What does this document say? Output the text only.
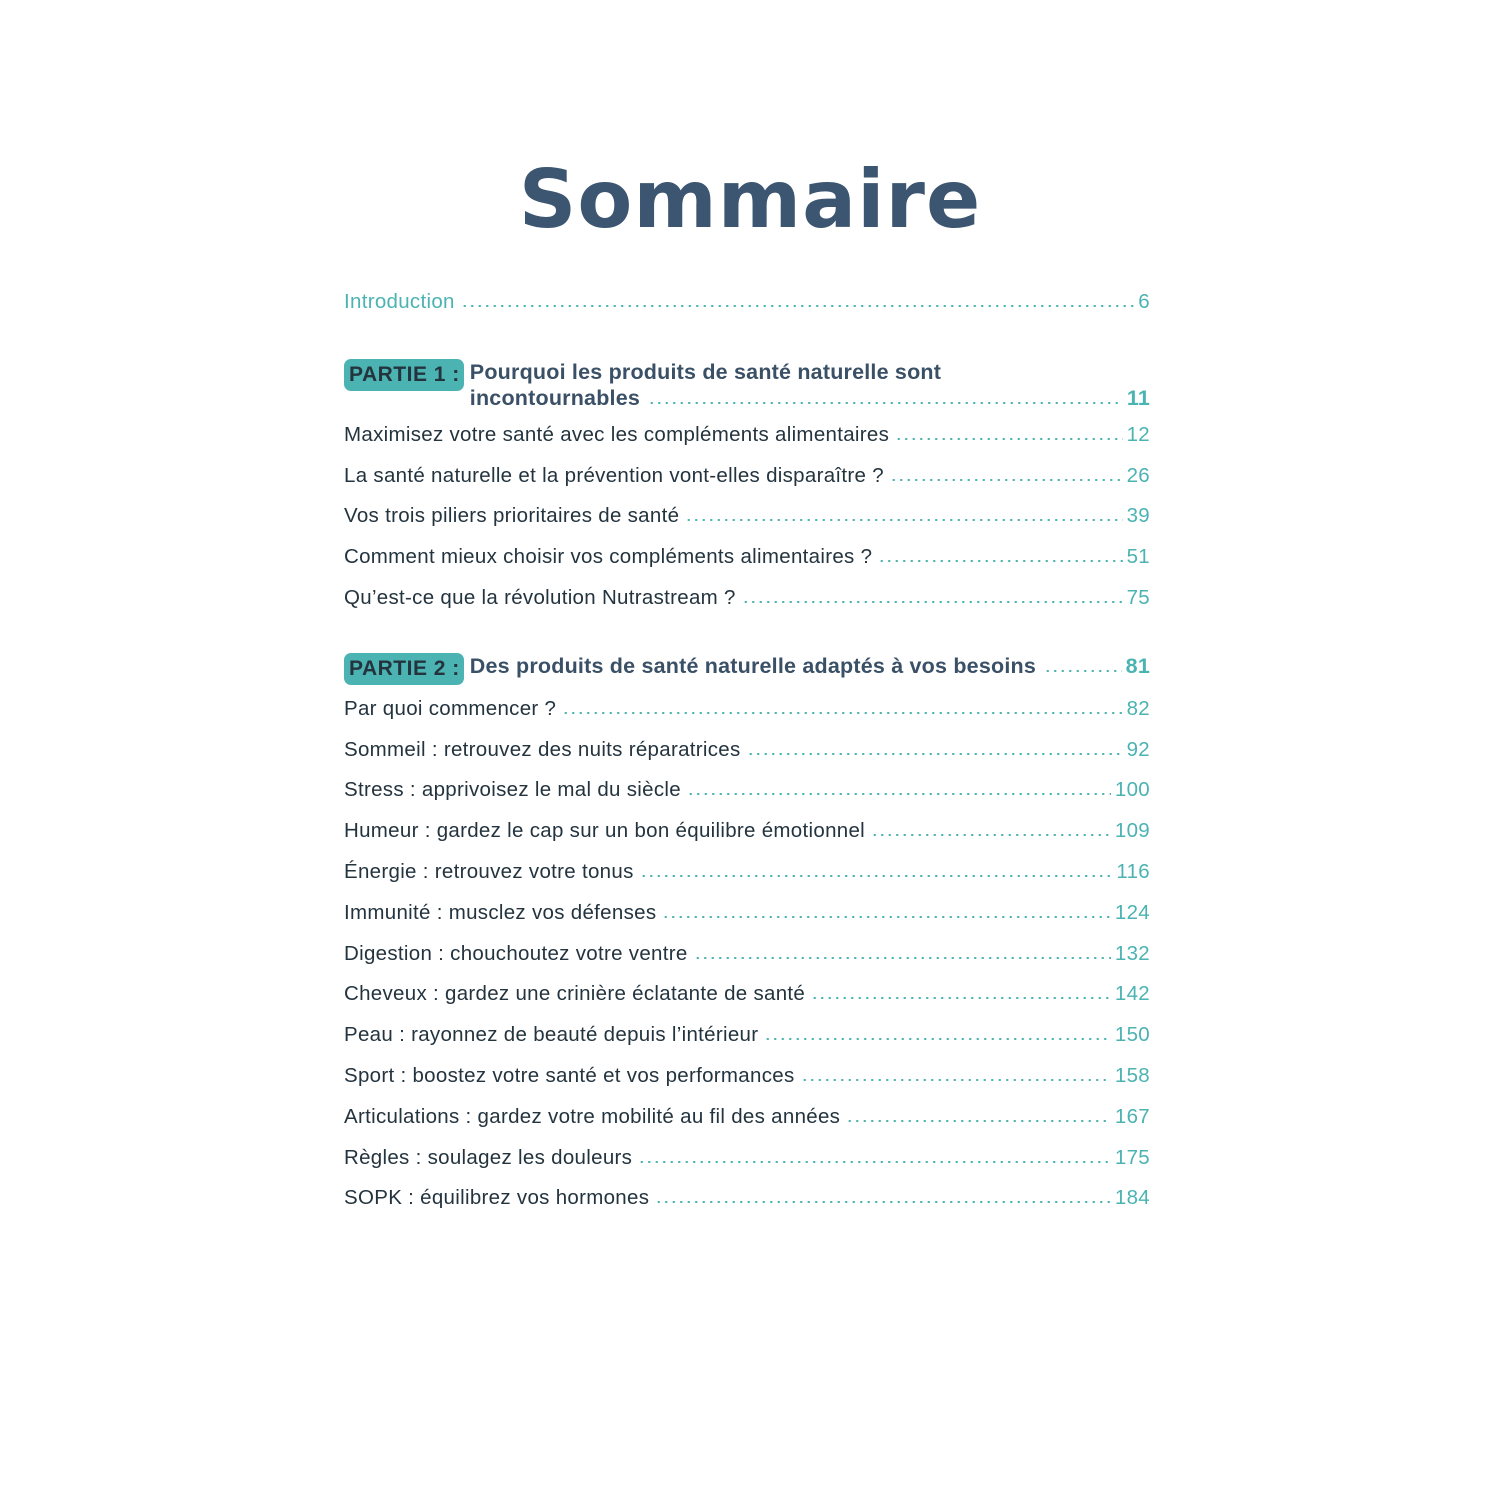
Sommaire
Introduction	6
PARTIE 1 : Pourquoi les produits de santé naturelle sont
incontournables	11
Maximisez votre santé avec les compléments alimentaires	12
La santé naturelle et la prévention vont-elles disparaître ?	26
Vos trois piliers prioritaires de santé	39
Comment mieux choisir vos compléments alimentaires ?	51
Qu’est-ce que la révolution Nutrastream ?	75
PARTIE 2 : Des produits de santé naturelle adaptés à vos besoins	81
Par quoi commencer ?	82
Sommeil : retrouvez des nuits réparatrices	92
Stress : apprivoisez le mal du siècle	100
Humeur : gardez le cap sur un bon équilibre émotionnel	109
Énergie : retrouvez votre tonus	116
Immunité : musclez vos défenses	124
Digestion : chouchoutez votre ventre	132
Cheveux : gardez une crinière éclatante de santé	142
Peau : rayonnez de beauté depuis l’intérieur	150
Sport : boostez votre santé et vos performances	158
Articulations : gardez votre mobilité au fil des années	167
Règles : soulagez les douleurs	175
SOPK : équilibrez vos hormones	184
